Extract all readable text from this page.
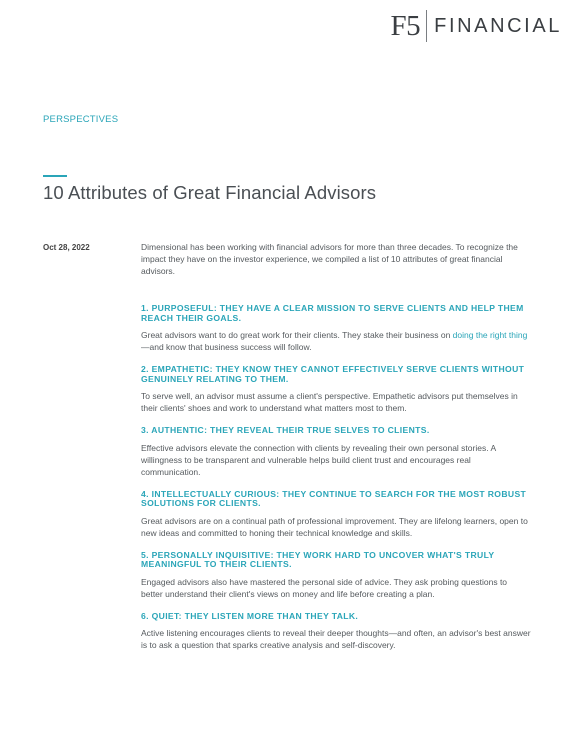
F5 FINANCIAL
PERSPECTIVES
10 Attributes of Great Financial Advisors
Oct 28, 2022	Dimensional has been working with financial advisors for more than three decades. To recognize the impact they have on the investor experience, we compiled a list of 10 attributes of great financial advisors.

1. PURPOSEFUL: THEY HAVE A CLEAR MISSION TO SERVE CLIENTS AND HELP THEM REACH THEIR GOALS.

Great advisors want to do great work for their clients. They stake their business on doing the right thing—and know that business success will follow.

2. EMPATHETIC: THEY KNOW THEY CANNOT EFFECTIVELY SERVE CLIENTS WITHOUT GENUINELY RELATING TO THEM.

To serve well, an advisor must assume a client's perspective. Empathetic advisors put themselves in their clients' shoes and work to understand what matters most to them.

3. AUTHENTIC: THEY REVEAL THEIR TRUE SELVES TO CLIENTS.

Effective advisors elevate the connection with clients by revealing their own personal stories. A willingness to be transparent and vulnerable helps build client trust and encourages real communication.

4. INTELLECTUALLY CURIOUS: THEY CONTINUE TO SEARCH FOR THE MOST ROBUST SOLUTIONS FOR CLIENTS.

Great advisors are on a continual path of professional improvement. They are lifelong learners, open to new ideas and committed to honing their technical knowledge and skills.

5. PERSONALLY INQUISITIVE: THEY WORK HARD TO UNCOVER WHAT'S TRULY MEANINGFUL TO THEIR CLIENTS.

Engaged advisors also have mastered the personal side of advice. They ask probing questions to better understand their client's views on money and life before creating a plan.

6. QUIET: THEY LISTEN MORE THAN THEY TALK.

Active listening encourages clients to reveal their deeper thoughts—and often, an advisor's best answer is to ask a question that sparks creative analysis and self-discovery.
